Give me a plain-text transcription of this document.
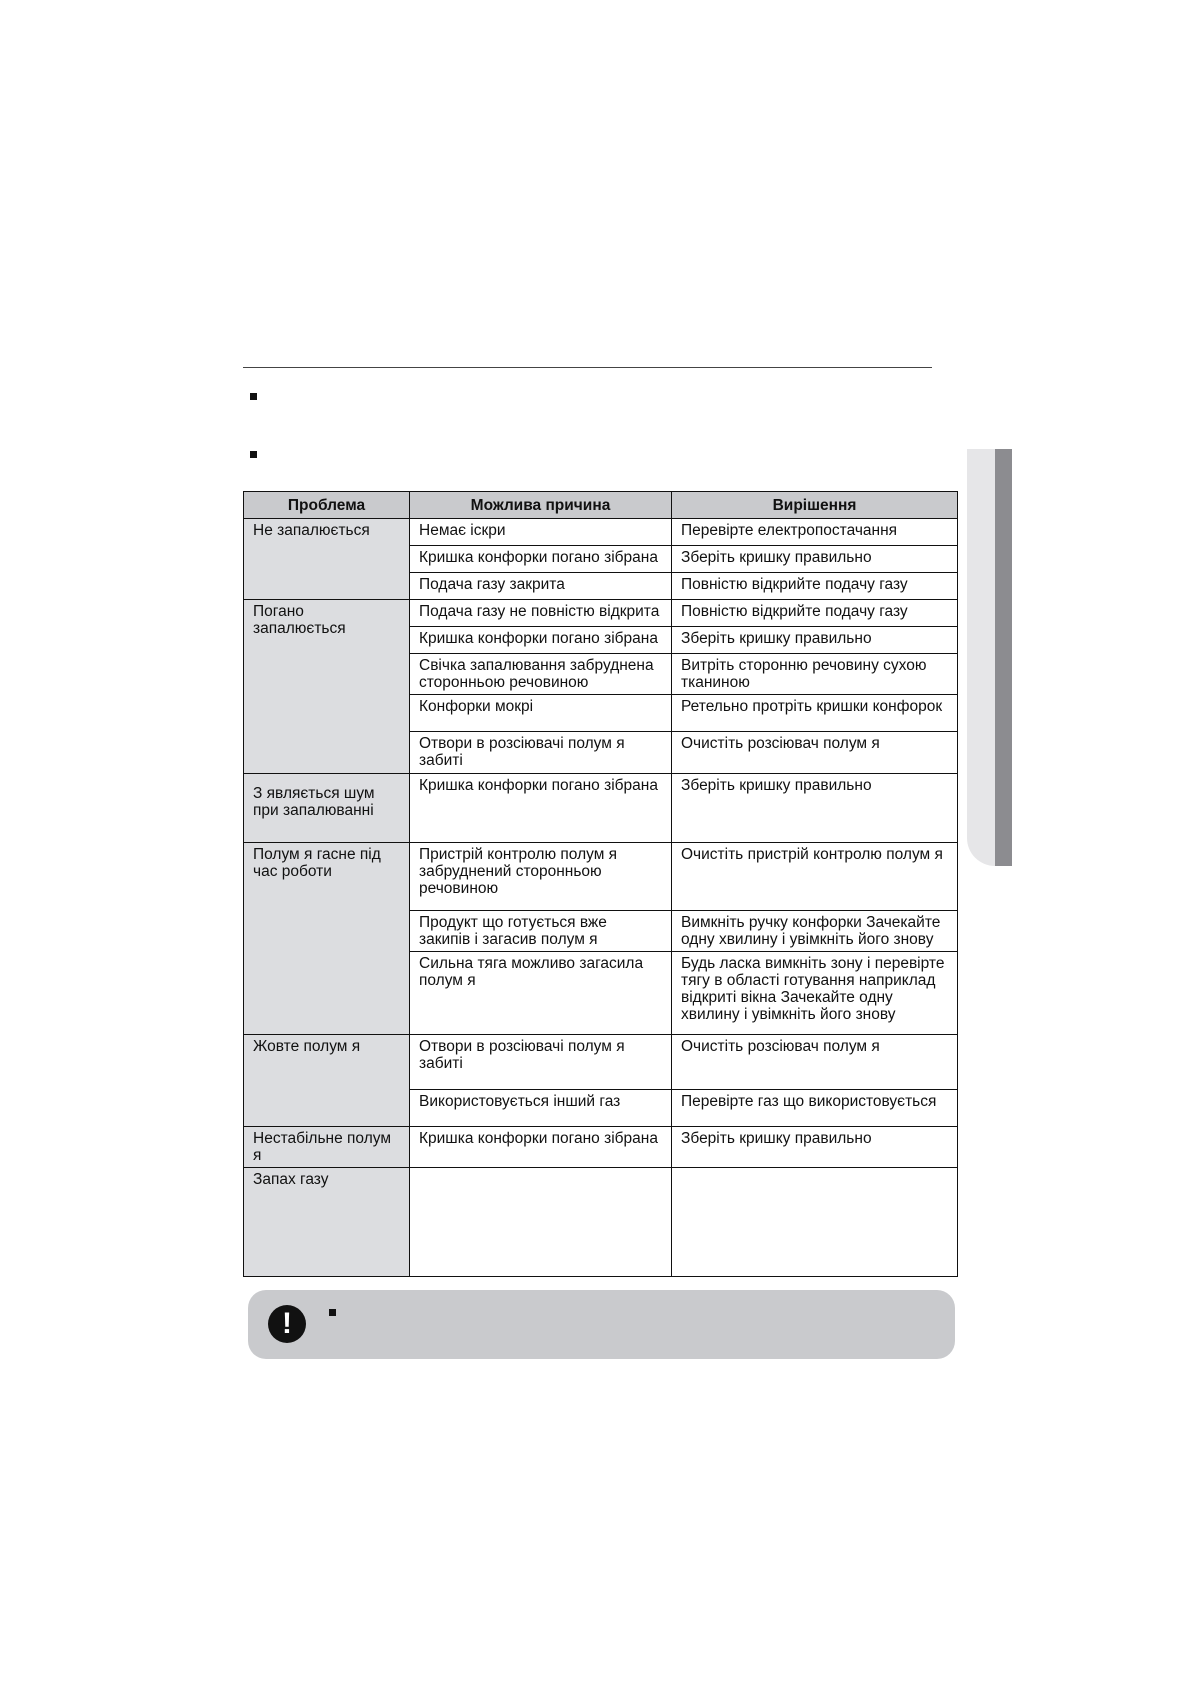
Проблема	Можлива причина	Вирішення
Не запалюється	Немає іскри	Перевірте електропостачання
	Кришка конфорки погано зібрана	Зберіть кришку правильно
	Подача газу закрита	Повністю відкрийте подачу газу
Погано запалюється	Подача газу не повністю відкрита	Повністю відкрийте подачу газу
	Кришка конфорки погано зібрана	Зберіть кришку правильно
	Свічка запалювання забруднена сторонньою речовиною	Витріть сторонню речовину сухою тканиною
	Конфорки мокрі	Ретельно протріть кришки конфорок
	Отвори в розсіювачі полум я забиті	Очистіть розсіювач полум я
З являється шум при запалюванні	Кришка конфорки погано зібрана	Зберіть кришку правильно
Полум я гасне під час роботи	Пристрій контролю полум я забруднений сторонньою речовиною	Очистіть пристрій контролю полум я
	Продукт що готується вже закипів і загасив полум я	Вимкніть ручку конфорки Зачекайте одну хвилину і увімкніть його знову
	Сильна тяга можливо загасила полум я	Будь ласка вимкніть зону і перевірте тягу в області готування наприклад відкриті вікна Зачекайте одну хвилину і увімкніть його знову
Жовте полум я	Отвори в розсіювачі полум я забиті	Очистіть розсіювач полум я
	Використовується інший газ	Перевірте газ що використовується
Нестабільне полум я	Кришка конфорки погано зібрана	Зберіть кришку правильно
Запах газу		
!
